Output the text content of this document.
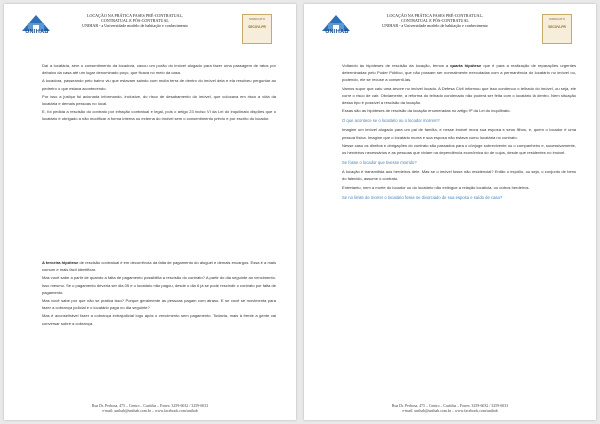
UNIHAB
LOCAÇÃO NA PRÁTICA FASES PRÉ-CONTRATUAL,
CONTRATUAL E PÓS-CONTRATUAL
UNIHAB - a Universidade modelo de habitação e conhecimento
SINDICATO
SECOVI-PR

Daí a locatária, sem o consentimento da locadora, cavou um porão do imóvel alugado para fazer uma passagem de ratos por debaixo da casa até um lugar denominado poço, que ficava no meio da casa.

A locadora, passeando pelo bairro viu que estavam saindo com muita terra de dentro do imóvel dela e ela resolveu perguntar ao pedreiro o que estava acontecendo.

Por isso a justiça foi acionada informando, inclusive, do risco de desabamento do imóvel, que colocava em risco a vida da locatária e demais pessoas no local.

E, foi pedida a rescisão do contrato por infração contratual e legal, pois o artigo 23 inciso VI da Lei do inquilinato dispões que o locatário é obrigado a não modificar a forma interna ou externa do imóvel sem o consentimento prévio e por escrito do locador.

A terceira hipótese de rescisão contratual é em decorrência da falta de pagamento do aluguel e demais encargos. Essa é a mais comum e mais fácil identificar.

Mas você sabe a partir de quando a falta de pagamento possibilita a rescisão do contrato? A partir do dia seguinte ao vencimento. Isso mesmo. Se o pagamento deveria ser dia 05 e o locatário não pagou, desde o dia 6 já se pode rescindir o contrato por falta de pagamento.

Mas você sabe por que não se pratica isso? Porque geralmente as pessoas pagam com atraso. E se você se movimenta para fazer a cobrança judicial e o locatário paga no dia seguinte?

Mas é aconselhável fazer a cobrança extrajudicial logo após o vencimento sem pagamento. Todavia, mais à frente a gente vai conversar sobre a cobrança.

Rua Dr. Pedrosa, 475 – Centro – Curitiba – Fones: 3259-6032 / 3259-6033
e-mail: unihab@unihab.com.br – www.facebook.com/unihab
UNIHAB
LOCAÇÃO NA PRÁTICA FASES PRÉ-CONTRATUAL,
CONTRATUAL E PÓS-CONTRATUAL
UNIHAB - a Universidade modelo de habitação e conhecimento
SINDICATO
SECOVI-PR

Voltando às hipóteses de rescisão da locação, temos a quarta hipótese que é para a realização de reparações urgentes determinadas pelo Poder Público, que não possam ser normalmente executadas com a permanência do locatário no imóvel ou, podendo, ele se recuse a consenti-las.

Vamos supor que caiu uma árvore no imóvel locado. A Defesa Civil informou que isso condenou o telhado do imóvel, ou seja, ele corre o risco de cair. Obviamente, a reforma do telhado condenado não poderá ser feita com o locatário lá dentro. Nem situação dessa tipo é possível a rescisão da locação.

Essas são as hipóteses de rescisão da locação enumeradas no artigo 9º da Lei do inquilinato.

O que acontece se o locatário ou o locador morrem?

Imagine um imóvel alugado para um pai de família, e nesse imóvel mora sua esposa e seus filhos, e, quem o locador é uma pessoa física. Imagine que o locatário morra e sua esposa não estava como locatária no contrato.

Nesse caso os direitos e obrigações do contrato são passados para o cônjuge sobrevivente ou o companheiro e, sucessivamente, os herdeiros necessários e as pessoas que viviam na dependência econômica do de cujus, desde que residentes no imóvel.

Se fosse o locador que tivesse morrido?

A locação é transmitida aos herdeiros dele. Mas se o imóvel fosse não residencial? Então o espólio, ou seja, o conjunto de bens do falecido, assume o contrato.

Entretanto, nem a morte do locador ou do locatário não extingue a relação locatícia, ou outros herdeiros.

Se no limite de morrer o locatário fosse se divorciado de sua esposa e saído de casa?
Rua Dr. Pedrosa, 475 – Centro – Curitiba – Fones: 3259-6032 / 3259-6033
e-mail: unihab@unihab.com.br – www.facebook.com/unihab
